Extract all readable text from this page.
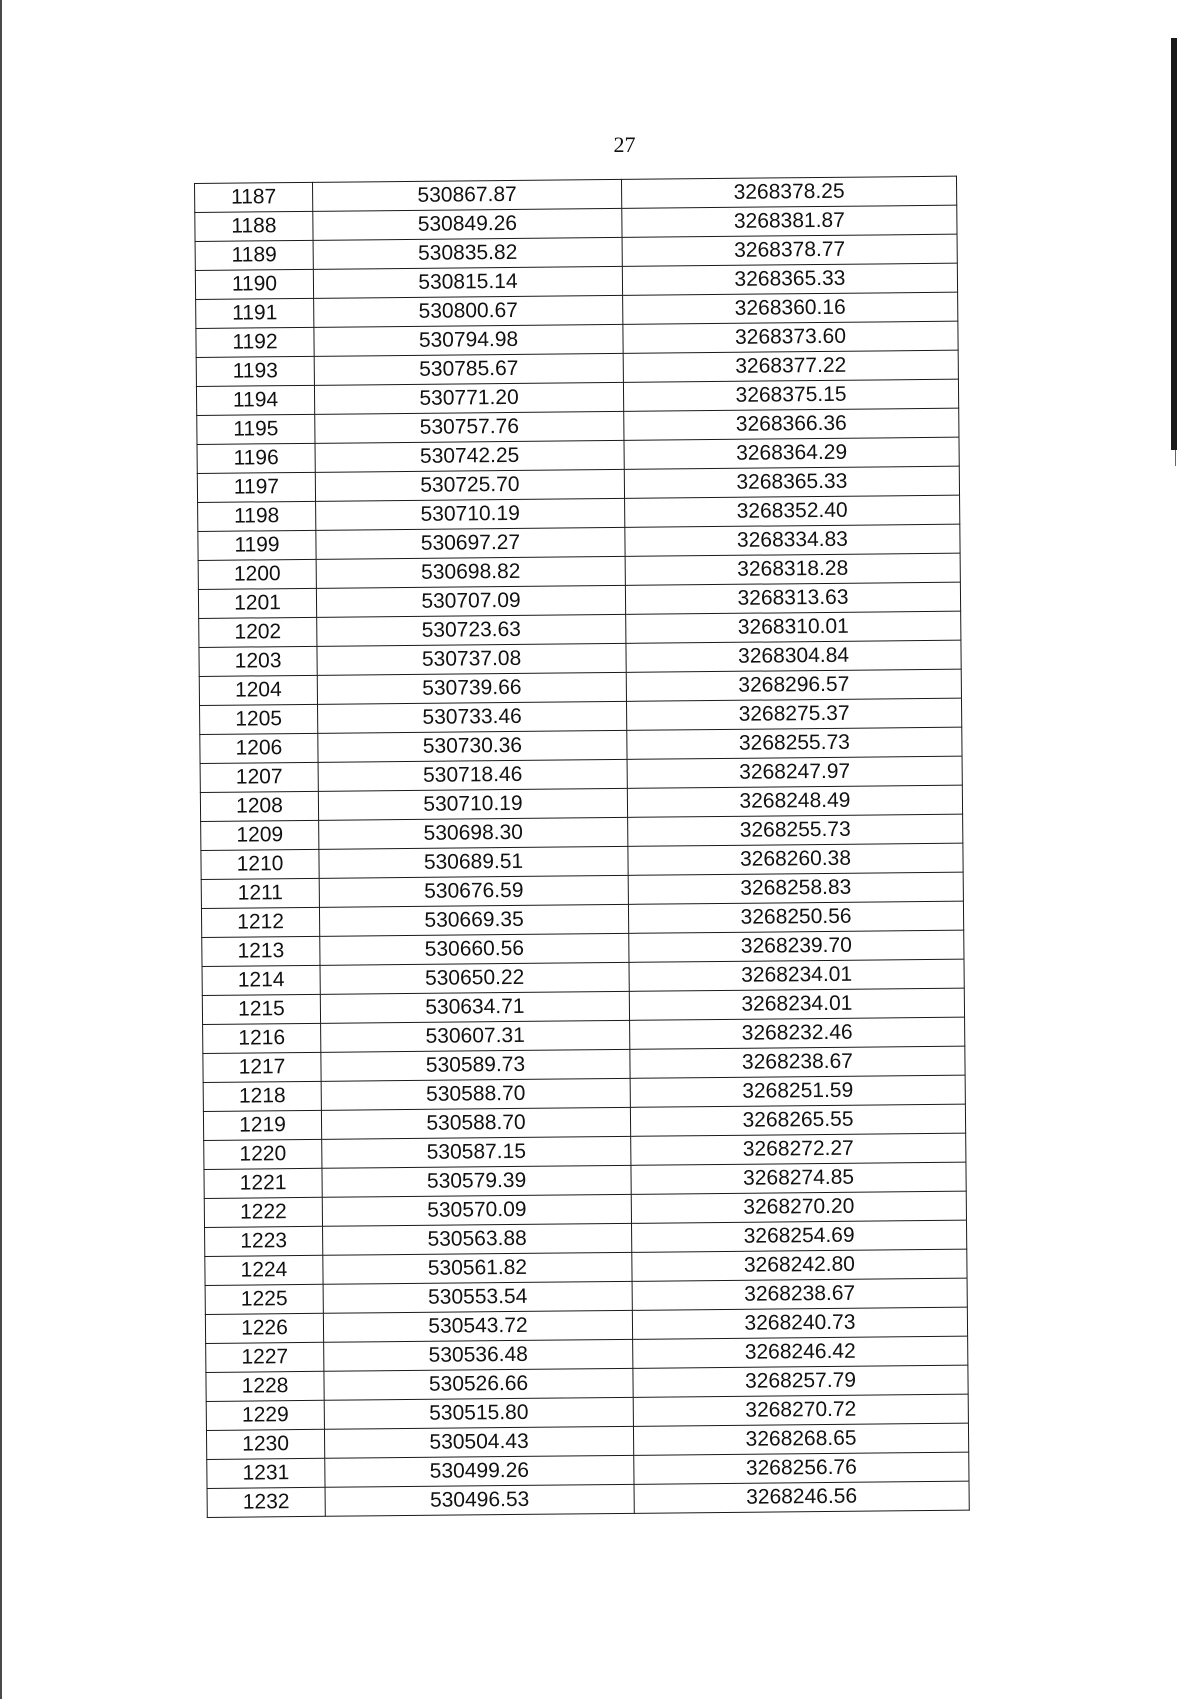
27
1187	530867.87	3268378.25
1188	530849.26	3268381.87
1189	530835.82	3268378.77
1190	530815.14	3268365.33
1191	530800.67	3268360.16
1192	530794.98	3268373.60
1193	530785.67	3268377.22
1194	530771.20	3268375.15
1195	530757.76	3268366.36
1196	530742.25	3268364.29
1197	530725.70	3268365.33
1198	530710.19	3268352.40
1199	530697.27	3268334.83
1200	530698.82	3268318.28
1201	530707.09	3268313.63
1202	530723.63	3268310.01
1203	530737.08	3268304.84
1204	530739.66	3268296.57
1205	530733.46	3268275.37
1206	530730.36	3268255.73
1207	530718.46	3268247.97
1208	530710.19	3268248.49
1209	530698.30	3268255.73
1210	530689.51	3268260.38
1211	530676.59	3268258.83
1212	530669.35	3268250.56
1213	530660.56	3268239.70
1214	530650.22	3268234.01
1215	530634.71	3268234.01
1216	530607.31	3268232.46
1217	530589.73	3268238.67
1218	530588.70	3268251.59
1219	530588.70	3268265.55
1220	530587.15	3268272.27
1221	530579.39	3268274.85
1222	530570.09	3268270.20
1223	530563.88	3268254.69
1224	530561.82	3268242.80
1225	530553.54	3268238.67
1226	530543.72	3268240.73
1227	530536.48	3268246.42
1228	530526.66	3268257.79
1229	530515.80	3268270.72
1230	530504.43	3268268.65
1231	530499.26	3268256.76
1232	530496.53	3268246.56
